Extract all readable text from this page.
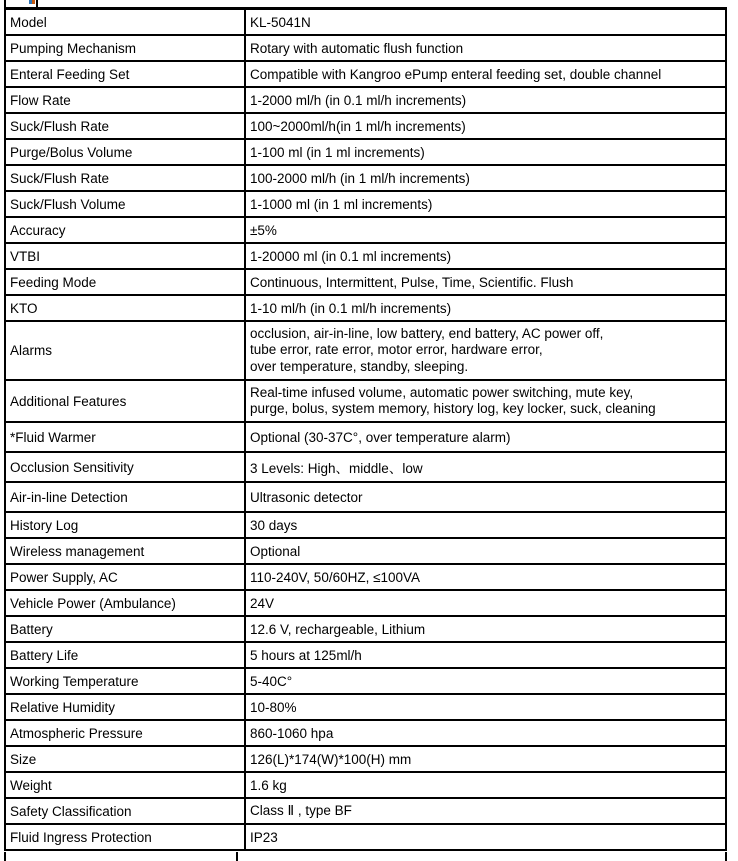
Model	KL-5041N
Pumping Mechanism	Rotary with automatic flush function
Enteral Feeding Set	Compatible with Kangroo ePump enteral feeding set, double channel
Flow Rate	1-2000 ml/h (in 0.1 ml/h increments)
Suck/Flush Rate	100~2000ml/h(in 1 ml/h increments)
Purge/Bolus Volume	1-100 ml (in 1 ml increments)
Suck/Flush Rate	100-2000 ml/h (in 1 ml/h increments)
Suck/Flush Volume	1-1000 ml (in 1 ml increments)
Accuracy	±5%
VTBI	1-20000 ml (in 0.1 ml increments)
Feeding Mode	Continuous, Intermittent, Pulse, Time, Scientific. Flush
KTO	1-10 ml/h (in 0.1 ml/h increments)
Alarms	occlusion, air-in-line, low battery, end battery, AC power off,
tube error, rate error, motor error, hardware error,
over temperature, standby, sleeping.

Additional Features	Real-time infused volume, automatic power switching, mute key,
purge, bolus, system memory, history log, key locker, suck, cleaning

*Fluid Warmer	Optional (30-37C°, over temperature alarm)
Occlusion Sensitivity	3 Levels: High、middle、low
Air-in-line Detection	Ultrasonic detector
History Log	30 days
Wireless management	Optional
Power Supply, AC	110-240V, 50/60HZ, ≤100VA
Vehicle Power (Ambulance)	24V
Battery	12.6 V, rechargeable, Lithium
Battery Life	5 hours at 125ml/h
Working Temperature	5-40C°
Relative Humidity	10-80%
Atmospheric Pressure	860-1060 hpa
Size	126(L)*174(W)*100(H) mm
Weight	1.6 kg
Safety Classification	Class Ⅱ , type BF
Fluid Ingress Protection	IP23
